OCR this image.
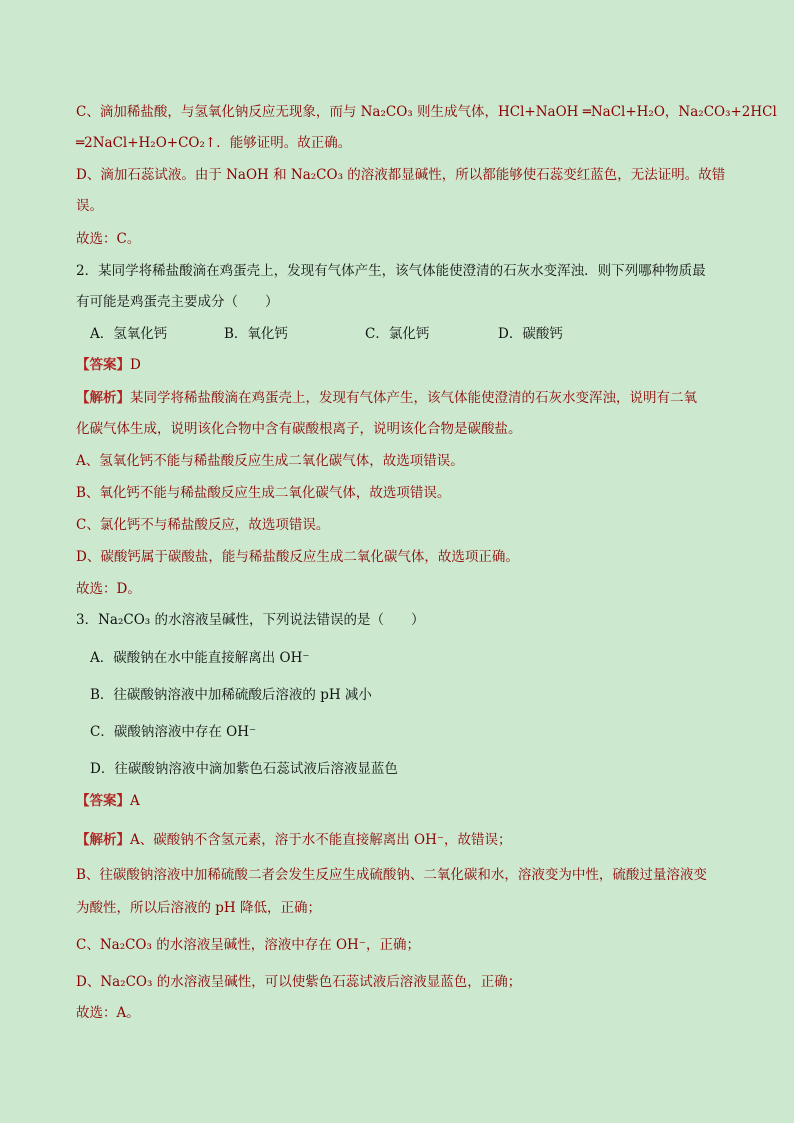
C、滴加稀盐酸，与氢氧化钠反应无现象，而与 Na₂CO₃ 则生成气体，HCl+NaOH ═NaCl+H₂O，Na₂CO₃+2HCl
═2NaCl+H₂O+CO₂↑．能够证明。故正确。
D、滴加石蕊试液。由于 NaOH 和 Na₂CO₃ 的溶液都显碱性，所以都能够使石蕊变红蓝色，无法证明。故错
误。
故选：C。
2．某同学将稀盐酸滴在鸡蛋壳上，发现有气体产生，该气体能使澄清的石灰水变浑浊．则下列哪种物质最
有可能是鸡蛋壳主要成分（　　）
A．氢氧化钙	B．氧化钙	C．氯化钙	D．碳酸钙
【答案】D
【解析】某同学将稀盐酸滴在鸡蛋壳上，发现有气体产生，该气体能使澄清的石灰水变浑浊，说明有二氧
化碳气体生成，说明该化合物中含有碳酸根离子，说明该化合物是碳酸盐。
A、氢氧化钙不能与稀盐酸反应生成二氧化碳气体，故选项错误。
B、氧化钙不能与稀盐酸反应生成二氧化碳气体，故选项错误。
C、氯化钙不与稀盐酸反应，故选项错误。
D、碳酸钙属于碳酸盐，能与稀盐酸反应生成二氧化碳气体，故选项正确。
故选：D。
3．Na₂CO₃ 的水溶液呈碱性，下列说法错误的是（　　）
A．碳酸钠在水中能直接解离出 OH⁻
B．往碳酸钠溶液中加稀硫酸后溶液的 pH 减小
C．碳酸钠溶液中存在 OH⁻
D．往碳酸钠溶液中滴加紫色石蕊试液后溶液显蓝色
【答案】A
【解析】A、碳酸钠不含氢元素，溶于水不能直接解离出 OH⁻，故错误；
B、往碳酸钠溶液中加稀硫酸二者会发生反应生成硫酸钠、二氧化碳和水，溶液变为中性，硫酸过量溶液变
为酸性，所以后溶液的 pH 降低，正确；
C、Na₂CO₃ 的水溶液呈碱性，溶液中存在 OH⁻，正确；
D、Na₂CO₃ 的水溶液呈碱性，可以使紫色石蕊试液后溶液显蓝色，正确；
故选：A。
